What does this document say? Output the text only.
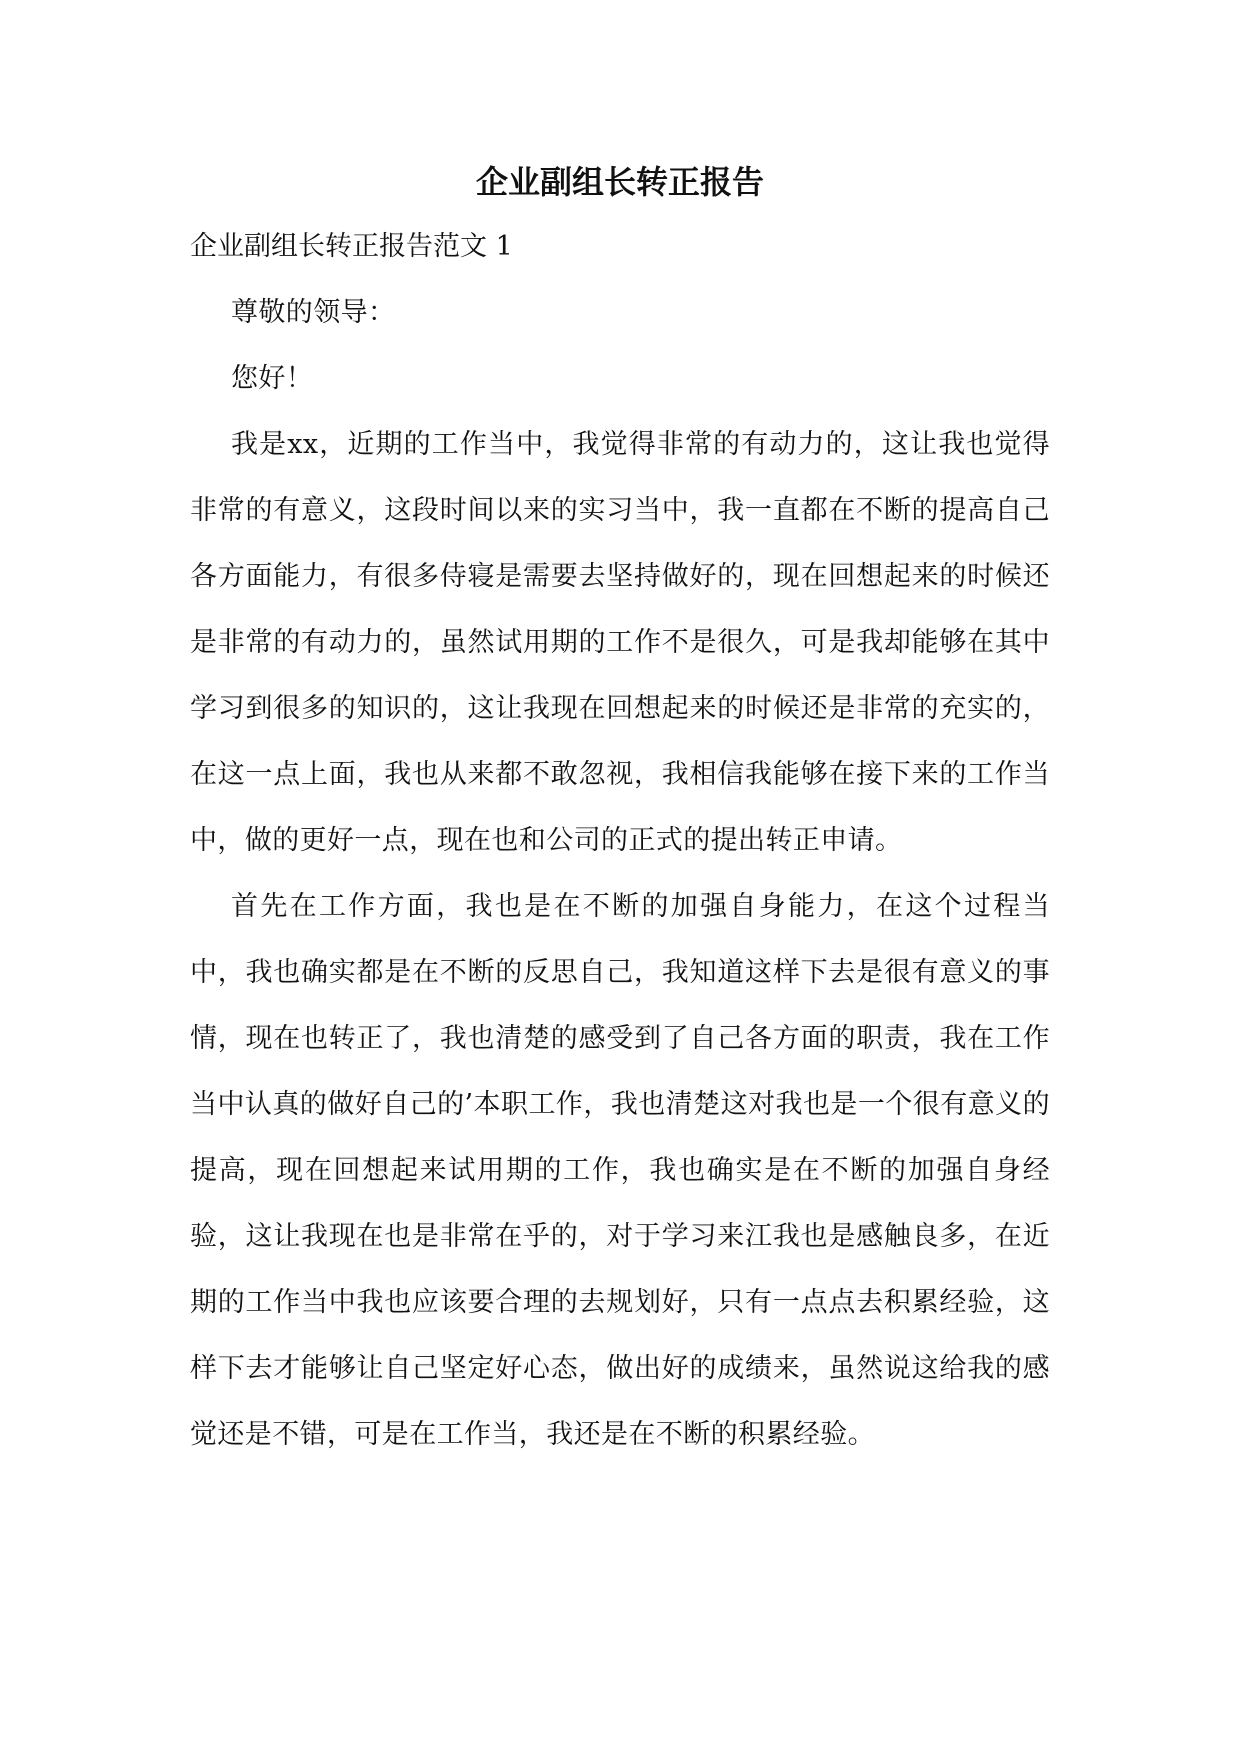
企业副组长转正报告

企业副组长转正报告范文 1

尊敬的领导：

您好！

我是xx，近期的工作当中，我觉得非常的有动力的，这让我也觉得非常的有意义，这段时间以来的实习当中，我一直都在不断的提高自己各方面能力，有很多侍寝是需要去坚持做好的，现在回想起来的时候还是非常的有动力的，虽然试用期的工作不是很久，可是我却能够在其中学习到很多的知识的，这让我现在回想起来的时候还是非常的充实的，在这一点上面，我也从来都不敢忽视，我相信我能够在接下来的工作当中，做的更好一点，现在也和公司的正式的提出转正申请。

首先在工作方面，我也是在不断的加强自身能力，在这个过程当中，我也确实都是在不断的反思自己，我知道这样下去是很有意义的事情，现在也转正了，我也清楚的感受到了自己各方面的职责，我在工作当中认真的做好自己的’本职工作，我也清楚这对我也是一个很有意义的提高，现在回想起来试用期的工作，我也确实是在不断的加强自身经验，这让我现在也是非常在乎的，对于学习来江我也是感触良多，在近期的工作当中我也应该要合理的去规划好，只有一点点去积累经验，这样下去才能够让自己坚定好心态，做出好的成绩来，虽然说这给我的感觉还是不错，可是在工作当，我还是在不断的积累经验。
